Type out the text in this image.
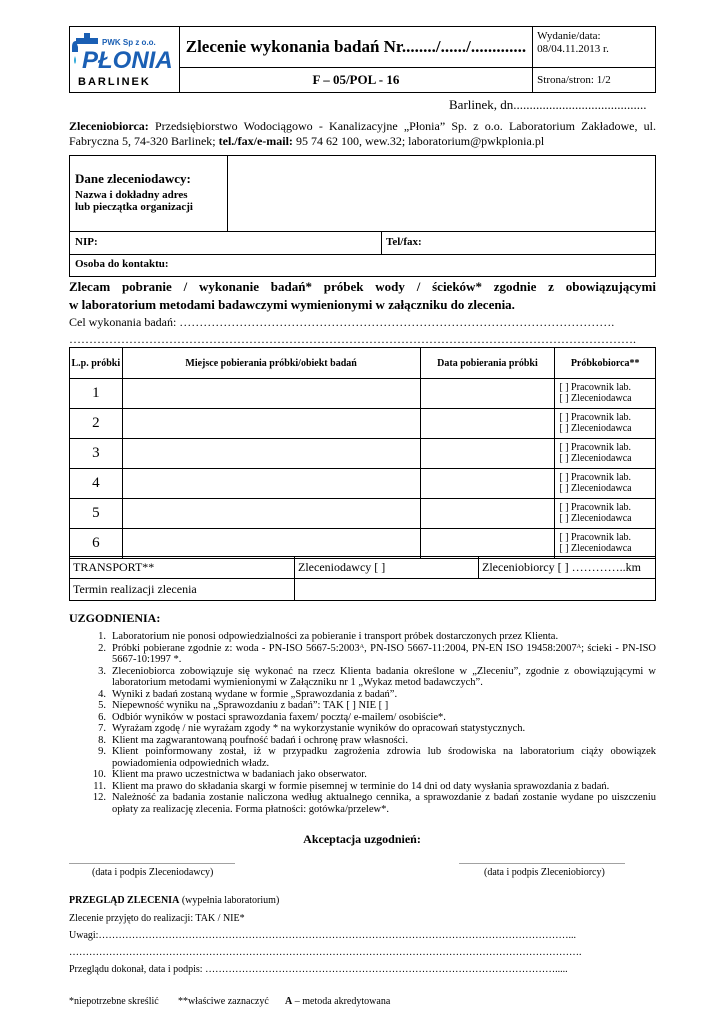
	Zlecenie wykonania badań Nr......../....../.............	Wydanie/data:
08/04.11.2013 r.

	F – 05/POL - 16	Strona/stron: 1/2
PWK Sp z o.o.
PŁONIA
BARLINEK
Barlinek, dn.........................................
Zleceniobiorca: Przedsiębiorstwo Wodociągowo - Kanalizacyjne „Płonia” Sp. z o.o. Laboratorium Zakładowe, ul. Fabryczna 5, 74-320 Barlinek; tel./fax/e-mail: 95 74 62 100, wew.32; laboratorium@pwkplonia.pl
Dane zleceniodawcy:
Nazwa i dokładny adres
lub pieczątka organizacji		

NIP:		Tel/fax:
Osoba do kontaktu:		
Zlecam pobranie / wykonanie badań* próbek wody / ścieków* zgodnie z obowiązującymi
w laboratorium metodami badawczymi wymienionymi w załączniku do zlecenia.
Cel wykonania badań: ……………………………………………………………………………………………….
…………………………………………………………………………………………………………………………….
L.p. próbki	Miejsce pobierania próbki/obiekt badań	Data pobierania próbki	Próbkobiorca**
1			[ ] Pracownik lab.
[ ] Zleceniodawca

2			[ ] Pracownik lab.
[ ] Zleceniodawca

3			[ ] Pracownik lab.
[ ] Zleceniodawca

4			[ ] Pracownik lab.
[ ] Zleceniodawca

5			[ ] Pracownik lab.
[ ] Zleceniodawca

6			[ ] Pracownik lab.
[ ] Zleceniodawca
TRANSPORT**	Zleceniodawcy [ ]	Zleceniobiorcy [ ] …………..km
Termin realizacji zlecenia		
UZGODNIENIA:
1. Laboratorium nie ponosi odpowiedzialności za pobieranie i transport próbek dostarczonych przez Klienta.
2. Próbki pobierane zgodnie z: woda - PN-ISO 5667-5:2003ᴬ, PN-ISO 5667-11:2004, PN-EN ISO 19458:2007ᴬ; ścieki - PN-ISO 5667-10:1997 *.
3. Zleceniobiorca zobowiązuje się wykonać na rzecz Klienta badania określone w „Zleceniu”, zgodnie z obowiązującymi w laboratorium metodami wymienionymi w Załączniku nr 1 „Wykaz metod badawczych”.
4. Wyniki z badań zostaną wydane w formie „Sprawozdania z badań”.
5. Niepewność wyniku na „Sprawozdaniu z badań”: TAK [ ] NIE [ ]
6. Odbiór wyników w postaci sprawozdania faxem/ pocztą/ e-mailem/ osobiście*.
7. Wyrażam zgodę / nie wyrażam zgody * na wykorzystanie wyników do opracowań statystycznych.
8. Klient ma zagwarantowaną poufność badań i ochronę praw własności.
9. Klient poinformowany został, iż w przypadku zagrożenia zdrowia lub środowiska na laboratorium ciąży obowiązek powiadomienia odpowiednich władz.
10. Klient ma prawo uczestnictwa w badaniach jako obserwator.
11. Klient ma prawo do składania skargi w formie pisemnej w terminie do 14 dni od daty wysłania sprawozdania z badań.
12. Należność za badania zostanie naliczona według aktualnego cennika, a sprawozdanie z badań zostanie wydane po uiszczeniu opłaty za realizację zlecenia. Forma płatności: gotówka/przelew*.
Akceptacja uzgodnień:
...................................................................................
(data i podpis Zleceniodawcy)
...................................................................................
(data i podpis Zleceniobiorcy)
PRZEGLĄD ZLECENIA (wypełnia laboratorium)
Zlecenie przyjęto do realizacji: TAK / NIE*
Uwagi:……………………………………………………………………………………………………………………………...
……………………………………………………………………………………………………………………………………….
Przeglądu dokonał, data i podpis: …………………………………………………………………………………………….....
*niepotrzebne skreślić **właściwe zaznaczyć A – metoda akredytowana
